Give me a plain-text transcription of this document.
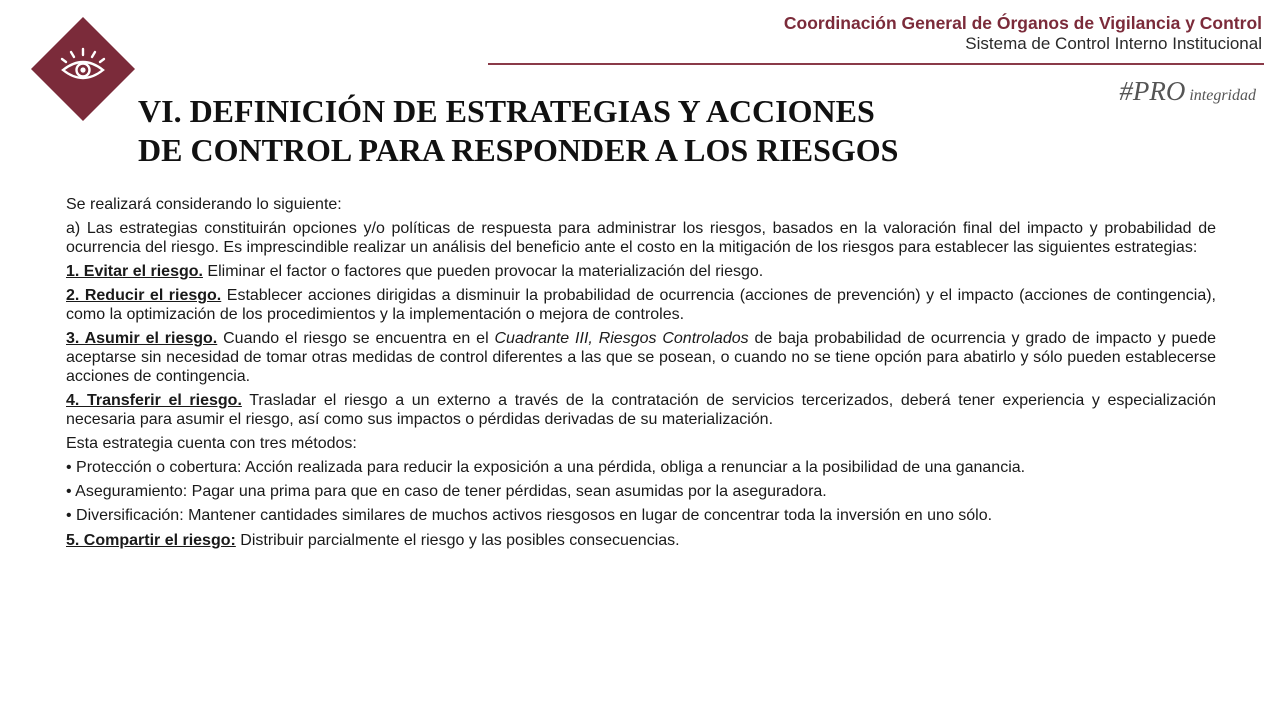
Coordinación General de Órganos de Vigilancia y Control
Sistema de Control Interno Institucional
#PRO integridad
VI. DEFINICIÓN DE ESTRATEGIAS Y ACCIONES
DE CONTROL PARA RESPONDER A LOS RIESGOS

Se realizará considerando lo siguiente:

a) Las estrategias constituirán opciones y/o políticas de respuesta para administrar los riesgos, basados en la valoración final del impacto y probabilidad de ocurrencia del riesgo. Es imprescindible realizar un análisis del beneficio ante el costo en la mitigación de los riesgos para establecer las siguientes estrategias:

1. Evitar el riesgo. Eliminar el factor o factores que pueden provocar la materialización del riesgo.

2. Reducir el riesgo. Establecer acciones dirigidas a disminuir la probabilidad de ocurrencia (acciones de prevención) y el impacto (acciones de contingencia), como la optimización de los procedimientos y la implementación o mejora de controles.

3. Asumir el riesgo. Cuando el riesgo se encuentra en el Cuadrante III, Riesgos Controlados de baja probabilidad de ocurrencia y grado de impacto y puede aceptarse sin necesidad de tomar otras medidas de control diferentes a las que se posean, o cuando no se tiene opción para abatirlo y sólo pueden establecerse acciones de contingencia.

4. Transferir el riesgo. Trasladar el riesgo a un externo a través de la contratación de servicios tercerizados, deberá tener experiencia y especialización necesaria para asumir el riesgo, así como sus impactos o pérdidas derivadas de su materialización.

Esta estrategia cuenta con tres métodos:

• Protección o cobertura: Acción realizada para reducir la exposición a una pérdida, obliga a renunciar a la posibilidad de una ganancia.

• Aseguramiento: Pagar una prima para que en caso de tener pérdidas, sean asumidas por la aseguradora.

• Diversificación: Mantener cantidades similares de muchos activos riesgosos en lugar de concentrar toda la inversión en uno sólo.

5. Compartir el riesgo: Distribuir parcialmente el riesgo y las posibles consecuencias.
